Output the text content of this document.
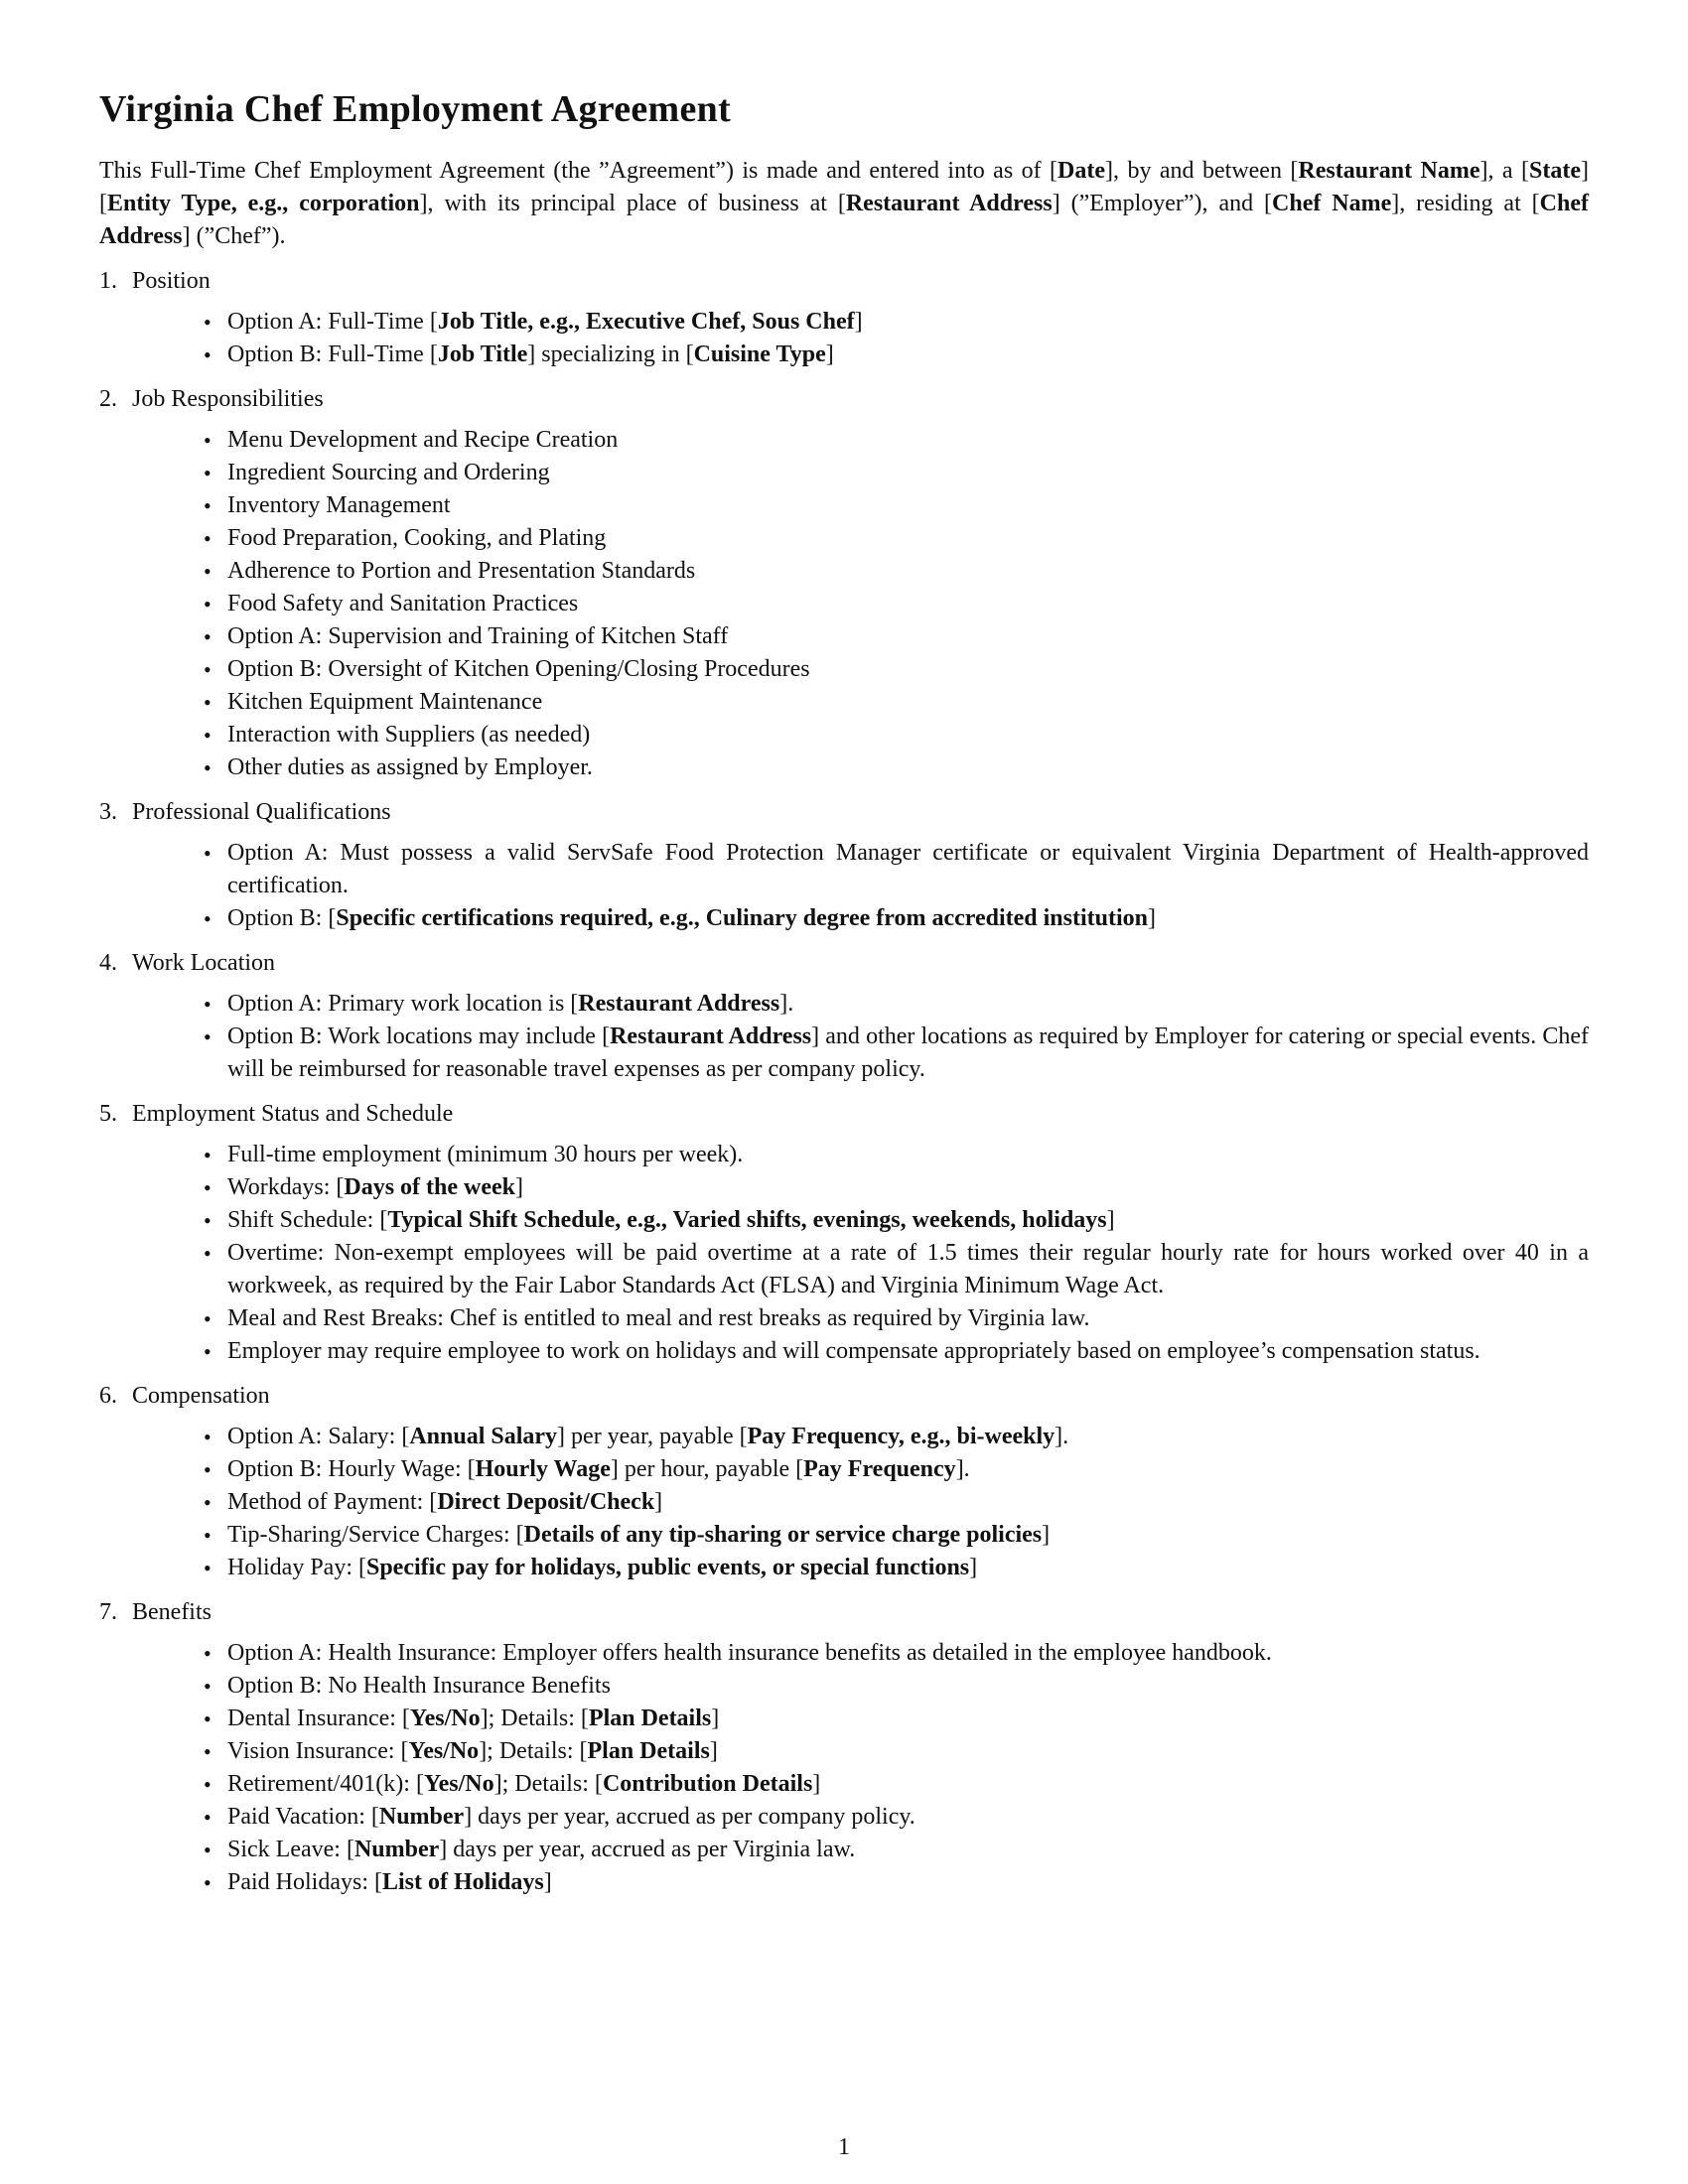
Virginia Chef Employment Agreement

This Full-Time Chef Employment Agreement (the ”Agreement”) is made and entered into as of [Date], by and between [Restaurant Name], a [State] [Entity Type, e.g., corporation], with its principal place of business at [Restaurant Address] (”Employer”), and [Chef Name], residing at [Chef Address] (”Chef”).

1. Position
• Option A: Full-Time [Job Title, e.g., Executive Chef, Sous Chef]
• Option B: Full-Time [Job Title] specializing in [Cuisine Type]
2. Job Responsibilities
• Menu Development and Recipe Creation
• Ingredient Sourcing and Ordering
• Inventory Management
• Food Preparation, Cooking, and Plating
• Adherence to Portion and Presentation Standards
• Food Safety and Sanitation Practices
• Option A: Supervision and Training of Kitchen Staff
• Option B: Oversight of Kitchen Opening/Closing Procedures
• Kitchen Equipment Maintenance
• Interaction with Suppliers (as needed)
• Other duties as assigned by Employer.
3. Professional Qualifications
• Option A: Must possess a valid ServSafe Food Protection Manager certificate or equivalent Virginia Department of Health-approved certification.
• Option B: [Specific certifications required, e.g., Culinary degree from accredited institution]
4. Work Location
• Option A: Primary work location is [Restaurant Address].
• Option B: Work locations may include [Restaurant Address] and other locations as required by Employer for catering or special events. Chef will be reimbursed for reasonable travel expenses as per company policy.
5. Employment Status and Schedule
• Full-time employment (minimum 30 hours per week).
• Workdays: [Days of the week]
• Shift Schedule: [Typical Shift Schedule, e.g., Varied shifts, evenings, weekends, holidays]
• Overtime: Non-exempt employees will be paid overtime at a rate of 1.5 times their regular hourly rate for hours worked over 40 in a workweek, as required by the Fair Labor Standards Act (FLSA) and Virginia Minimum Wage Act.
• Meal and Rest Breaks: Chef is entitled to meal and rest breaks as required by Virginia law.
• Employer may require employee to work on holidays and will compensate appropriately based on employee’s compensation status.
6. Compensation
• Option A: Salary: [Annual Salary] per year, payable [Pay Frequency, e.g., bi-weekly].
• Option B: Hourly Wage: [Hourly Wage] per hour, payable [Pay Frequency].
• Method of Payment: [Direct Deposit/Check]
• Tip-Sharing/Service Charges: [Details of any tip-sharing or service charge policies]
• Holiday Pay: [Specific pay for holidays, public events, or special functions]
7. Benefits
• Option A: Health Insurance: Employer offers health insurance benefits as detailed in the employee handbook.
• Option B: No Health Insurance Benefits
• Dental Insurance: [Yes/No]; Details: [Plan Details]
• Vision Insurance: [Yes/No]; Details: [Plan Details]
• Retirement/401(k): [Yes/No]; Details: [Contribution Details]
• Paid Vacation: [Number] days per year, accrued as per company policy.
• Sick Leave: [Number] days per year, accrued as per Virginia law.
• Paid Holidays: [List of Holidays]
1
